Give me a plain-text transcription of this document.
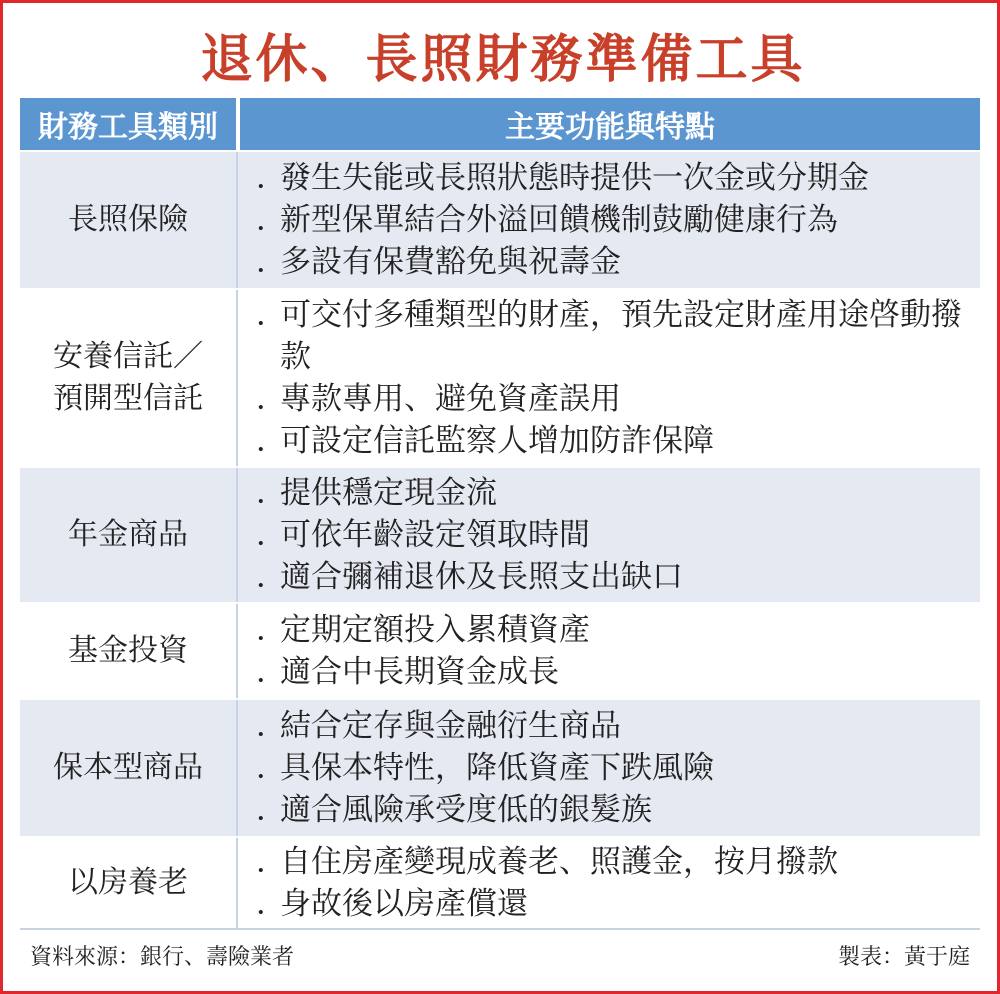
退休、長照財務準備工具
財務工具類別	主要功能與特點
長照保險
．
發生失能或長照狀態時提供一次金或分期金
．
新型保單結合外溢回饋機制鼓勵健康行為
．
多設有保費豁免與祝壽金
安養信託／
預開型信託
．
可交付多種類型的財產，預先設定財產用途啓動撥款
．
專款專用、避免資產誤用
．
可設定信託監察人增加防詐保障
年金商品
．
提供穩定現金流
．
可依年齡設定領取時間
．
適合彌補退休及長照支出缺口
基金投資
．
定期定額投入累積資產
．
適合中長期資金成長
保本型商品
．
結合定存與金融衍生商品
．
具保本特性，降低資產下跌風險
．
適合風險承受度低的銀髮族
以房養老
．
自住房產變現成養老、照護金，按月撥款
．
身故後以房產償還
資料來源：銀行、壽險業者	製表：黃于庭
